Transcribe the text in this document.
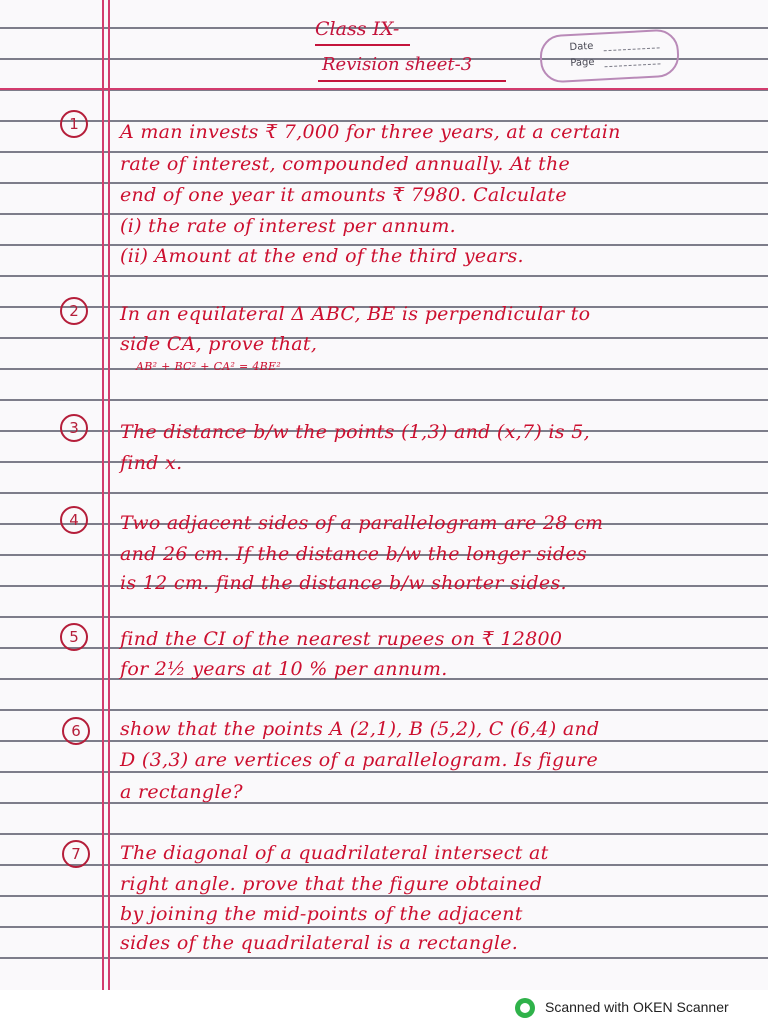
Class IX-
Revision sheet-3
Date
Page
1	A man invests ₹ 7,000 for three years, at a certain
rate of interest, compounded annually. At the
end of one year it amounts ₹ 7980. Calculate
(i) the rate of interest per annum.
(ii) Amount at the end of the third years.
2	In an equilateral Δ ABC, BE is perpendicular to
side CA, prove that,
AB² + BC² + CA² = 4BE²
3	The distance b/w the points (1,3) and (x,7) is 5,
find x.
4	Two adjacent sides of a parallelogram are 28 cm
and 26 cm. If the distance b/w the longer sides
is 12 cm. find the distance b/w shorter sides.
5	find the CI of the nearest rupees on ₹ 12800
for 2½ years at 10 % per annum.
6	show that the points A (2,1), B (5,2), C (6,4) and
D (3,3) are vertices of a parallelogram. Is figure
a rectangle?
7	The diagonal of a quadrilateral intersect at
right angle. prove that the figure obtained
by joining the mid-points of the adjacent
sides of the quadrilateral is a rectangle.
Scanned with OKEN Scanner
